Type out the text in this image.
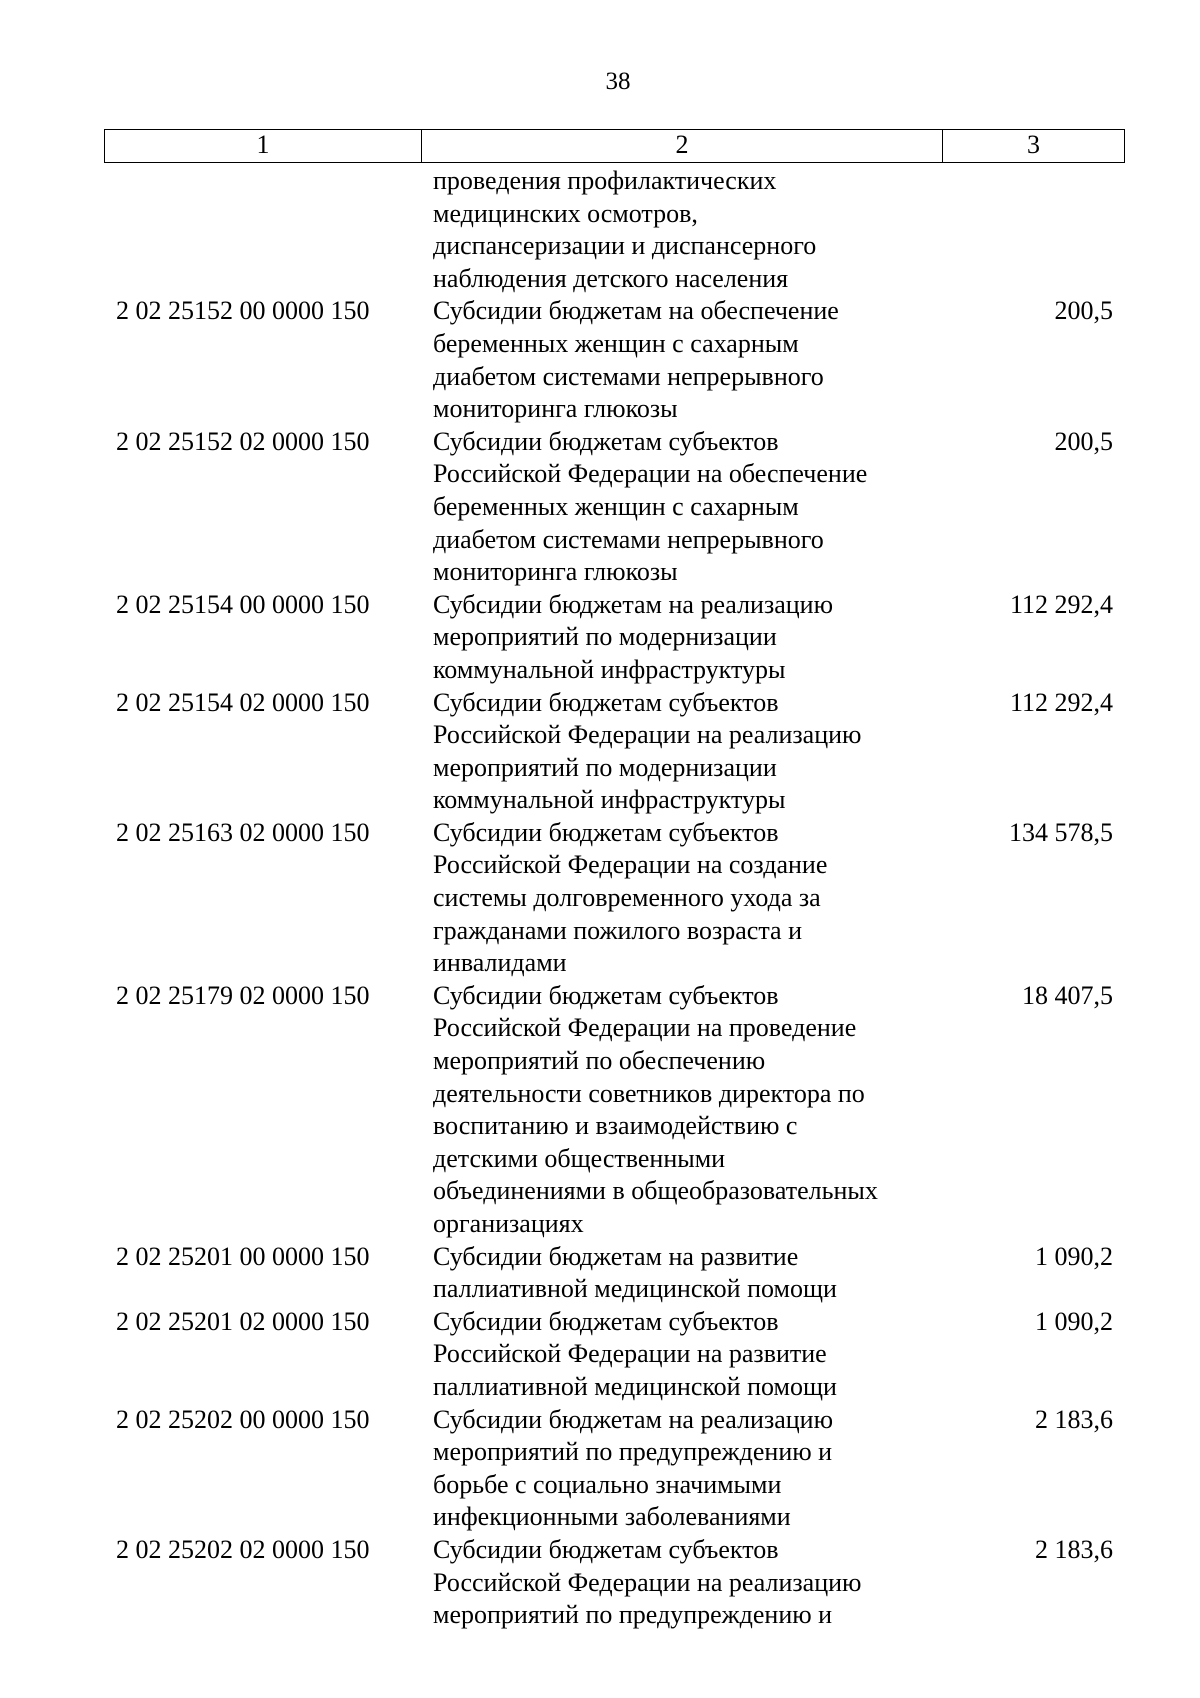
38
1	2	3
проведения профилактических
медицинских осмотров,
диспансеризации и диспансерного
наблюдения детского населения
2 02 25152 00 0000 150	Субсидии бюджетам на обеспечение
беременных женщин с сахарным
диабетом системами непрерывного
мониторинга глюкозы
200,5
2 02 25152 02 0000 150	Субсидии бюджетам субъектов
Российской Федерации на обеспечение
беременных женщин с сахарным
диабетом системами непрерывного
мониторинга глюкозы
200,5
2 02 25154 00 0000 150	Субсидии бюджетам на реализацию
мероприятий по модернизации
коммунальной инфраструктуры
112 292,4
2 02 25154 02 0000 150	Субсидии бюджетам субъектов
Российской Федерации на реализацию
мероприятий по модернизации
коммунальной инфраструктуры
112 292,4
2 02 25163 02 0000 150	Субсидии бюджетам субъектов
Российской Федерации на создание
системы долговременного ухода за
гражданами пожилого возраста и
инвалидами
134 578,5
2 02 25179 02 0000 150	Субсидии бюджетам субъектов
Российской Федерации на проведение
мероприятий по обеспечению
деятельности советников директора по
воспитанию и взаимодействию с
детскими общественными
объединениями в общеобразовательных
организациях
18 407,5
2 02 25201 00 0000 150	Субсидии бюджетам на развитие
паллиативной медицинской помощи
1 090,2
2 02 25201 02 0000 150	Субсидии бюджетам субъектов
Российской Федерации на развитие
паллиативной медицинской помощи
1 090,2
2 02 25202 00 0000 150	Субсидии бюджетам на реализацию
мероприятий по предупреждению и
борьбе с социально значимыми
инфекционными заболеваниями
2 183,6
2 02 25202 02 0000 150	Субсидии бюджетам субъектов
Российской Федерации на реализацию
мероприятий по предупреждению и
2 183,6
